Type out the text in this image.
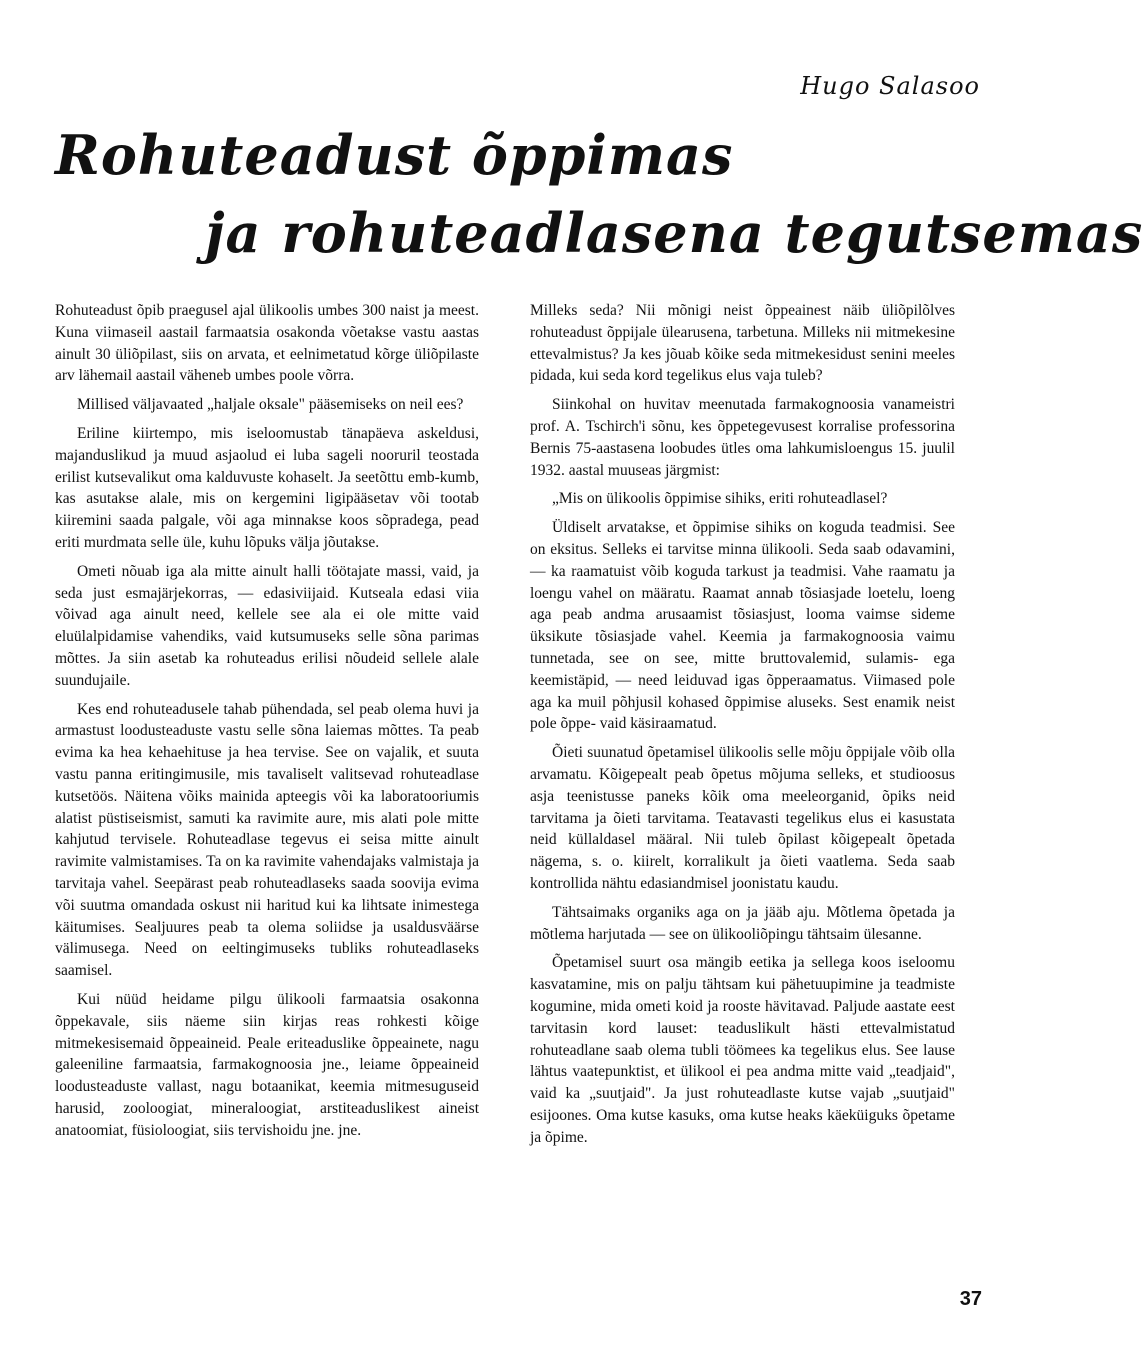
Hugo Salasoo
Rohuteadust õppimas
ja rohuteadlasena tegutsemas

Rohuteadust õpib praegusel ajal ülikoolis umbes 300 naist ja meest. Kuna viimaseil aastail farmaatsia osakonda võetakse vastu aastas ainult 30 üliõpilast, siis on arvata, et eelnimetatud kõrge üliõpilaste arv lähemail aastail väheneb umbes poole võrra.

Millised väljavaated „haljale oksale" pääsemiseks on neil ees?

Eriline kiirtempo, mis iseloomustab tänapäeva askeldusi, majanduslikud ja muud asjaolud ei luba sageli nooruril teostada erilist kutsevalikut oma kalduvuste kohaselt. Ja seetõttu emb-kumb, kas asutakse alale, mis on kergemini ligipääsetav või tootab kiiremini saada palgale, või aga minnakse koos sõpradega, pead eriti murdmata selle üle, kuhu lõpuks välja jõutakse.

Ometi nõuab iga ala mitte ainult halli töötajate massi, vaid, ja seda just esmajärjekorras, — edasiviijaid. Kutseala edasi viia võivad aga ainult need, kellele see ala ei ole mitte vaid eluülalpidamise vahendiks, vaid kutsumuseks selle sõna parimas mõttes. Ja siin asetab ka rohuteadus erilisi nõudeid sellele alale suundujaile.

Kes end rohuteadusele tahab pühendada, sel peab olema huvi ja armastust loodusteaduste vastu selle sõna laiemas mõttes. Ta peab evima ka hea kehaehituse ja hea tervise. See on vajalik, et suuta vastu panna eritingimusile, mis tavaliselt valitsevad rohuteadlase kutsetöös. Näitena võiks mainida apteegis või ka laboratooriumis alatist püstiseismist, samuti ka ravimite aure, mis alati pole mitte kahjutud tervisele. Rohuteadlase tegevus ei seisa mitte ainult ravimite valmistamises. Ta on ka ravimite vahendajaks valmistaja ja tarvitaja vahel. Seepärast peab rohuteadlaseks saada soovija evima või suutma omandada oskust nii haritud kui ka lihtsate inimestega käitumises. Sealjuures peab ta olema soliidse ja usaldusväärse välimusega. Need on eeltingimuseks tubliks rohuteadlaseks saamisel.

Kui nüüd heidame pilgu ülikooli farmaatsia osakonna õppekavale, siis näeme siin kirjas reas rohkesti kõige mitmekesisemaid õppeaineid. Peale eriteaduslike õppeainete, nagu galeeniline farmaatsia, farmakognoosia jne., leiame õppeaineid loodusteaduste vallast, nagu botaanikat, keemia mitmesuguseid harusid, zooloogiat, mineraloogiat, arstiteaduslikest aineist anatoomiat, füsioloogiat, siis tervishoidu jne. jne.

Milleks seda? Nii mõnigi neist õppeainest näib üliõpilõlves rohuteadust õppijale ülearusena, tarbetuna. Milleks nii mitmekesine ettevalmistus? Ja kes jõuab kõike seda mitmekesidust senini meeles pidada, kui seda kord tegelikus elus vaja tuleb?

Siinkohal on huvitav meenutada farmakognoosia vanameistri prof. A. Tschirch'i sõnu, kes õppetegevusest korralise professorina Bernis 75-aastasena loobudes ütles oma lahkumisloengus 15. juulil 1932. aastal muuseas järgmist:

„Mis on ülikoolis õppimise sihiks, eriti rohuteadlasel?

Üldiselt arvatakse, et õppimise sihiks on koguda teadmisi. See on eksitus. Selleks ei tarvitse minna ülikooli. Seda saab odavamini, — ka raamatuist võib koguda tarkust ja teadmisi. Vahe raamatu ja loengu vahel on määratu. Raamat annab tõsiasjade loetelu, loeng aga peab andma arusaamist tõsiasjust, looma vaimse sideme üksikute tõsiasjade vahel. Keemia ja farmakognoosia vaimu tunnetada, see on see, mitte bruttovalemid, sulamis- ega keemistäpid, — need leiduvad igas õpperaamatus. Viimased pole aga ka muil põhjusil kohased õppimise aluseks. Sest enamik neist pole õppe- vaid käsiraamatud.

Õieti suunatud õpetamisel ülikoolis selle mõju õppijale võib olla arvamatu. Kõigepealt peab õpetus mõjuma selleks, et studioosus asja teenistusse paneks kõik oma meeleorganid, õpiks neid tarvitama ja õieti tarvitama. Teatavasti tegelikus elus ei kasustata neid küllaldasel määral. Nii tuleb õpilast kõigepealt õpetada nägema, s. o. kiirelt, korralikult ja õieti vaatlema. Seda saab kontrollida nähtu edasiandmisel joonistatu kaudu.

Tähtsaimaks organiks aga on ja jääb aju. Mõtlema õpetada ja mõtlema harjutada — see on ülikooliõpingu tähtsaim ülesanne.

Õpetamisel suurt osa mängib eetika ja sellega koos iseloomu kasvatamine, mis on palju tähtsam kui pähetuupimine ja teadmiste kogumine, mida ometi koid ja rooste hävitavad. Paljude aastate eest tarvitasin kord lauset: teaduslikult hästi ettevalmistatud rohuteadlane saab olema tubli töömees ka tegelikus elus. See lause lähtus vaatepunktist, et ülikool ei pea andma mitte vaid „teadjaid", vaid ka „suutjaid". Ja just rohuteadlaste kutse vajab „suutjaid" esijoones. Oma kutse kasuks, oma kutse heaks käeküiguks õpetame ja õpime.

37
